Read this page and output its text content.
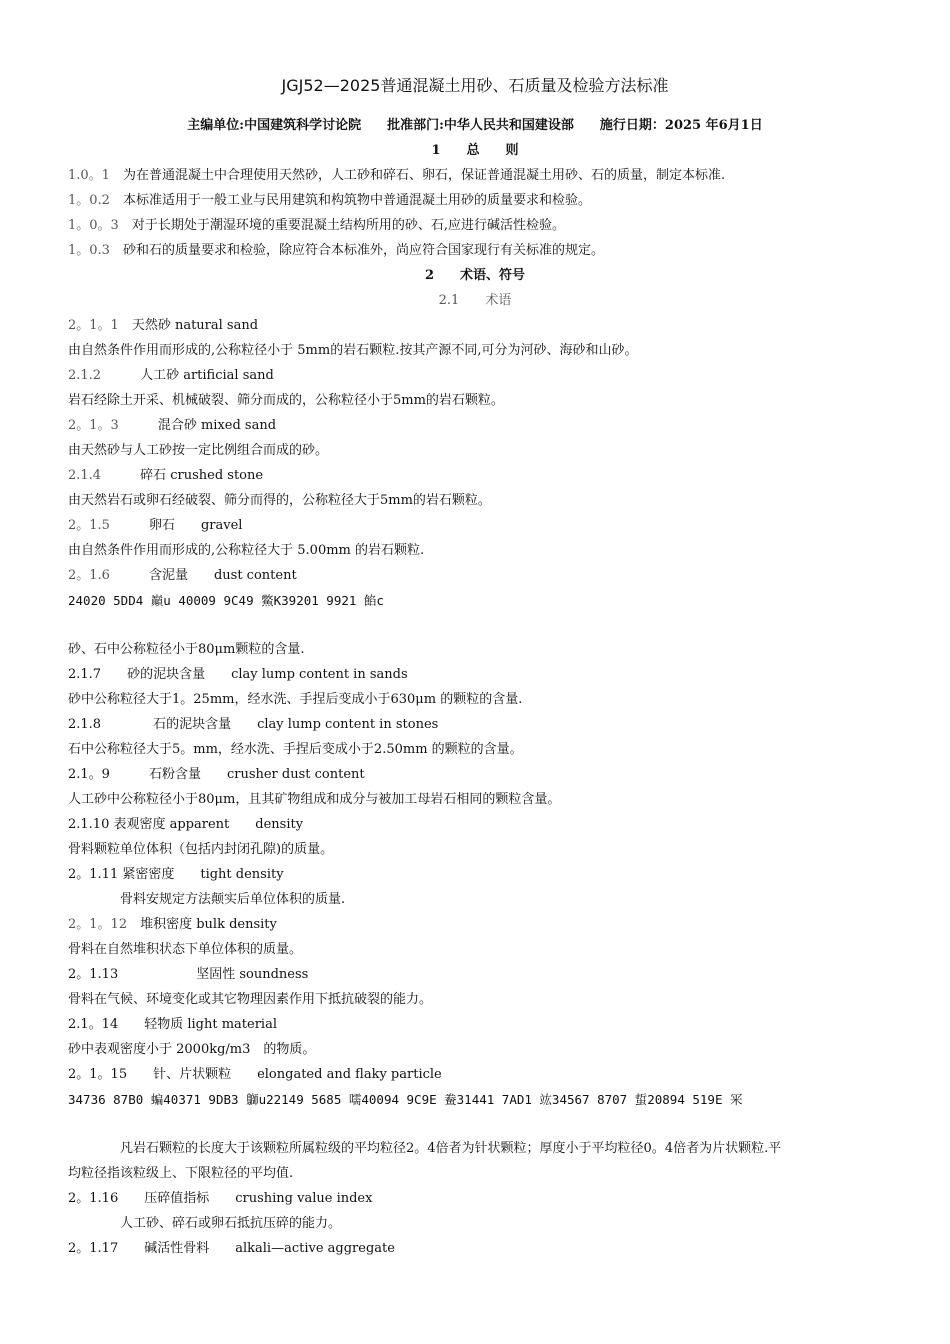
JGJ52—2025普通混凝土用砂、石质量及检验方法标准
主编单位:中国建筑科学讨论院　　批准部门:中华人民共和国建设部　　施行日期：2025 年6月1日
1　　总　　则
1.0。1　为在普通混凝土中合理使用天然砂，人工砂和碎石、卵石，保证普通混凝土用砂、石的质量，制定本标准.
1。0.2　本标准适用于一般工业与民用建筑和构筑物中普通混凝土用砂的质量要求和检验。
1。0。3　对于长期处于潮湿环境的重要混凝土结构所用的砂、石,应进行碱活性检验。
1。0.3　砂和石的质量要求和检验，除应符合本标准外，尚应符合国家现行有关标准的规定。
2　　术语、符号
2.1　　术语
2。1。1　天然砂 natural sand
由自然条件作用而形成的,公称粒径小于 5mm的岩石颗粒.按其产源不同,可分为河砂、海砂和山砂。
2.1.2　　　人工砂 artificial sand
岩石经除土开采、机械破裂、筛分而成的，公称粒径小于5mm的岩石颗粒。
2。1。3　　　混合砂 mixed sand
由天然砂与人工砂按一定比例组合而成的砂。
2.1.4　　　碎石 crushed stone
由天然岩石或卵石经破裂、筛分而得的，公称粒径大于5mm的岩石颗粒。
2。1.5　　　卵石　　gravel
由自然条件作用而形成的,公称粒径大于 5.00mm 的岩石颗粒.
2。1.6　　　含泥量　　dust content
24020 5DD4 巔u 40009 9C49 鱉K39201 9921 餡c
砂、石中公称粒径小于80μm颗粒的含量.
2.1.7　　砂的泥块含量　　clay lump content in sands
砂中公称粒径大于1。25mm，经水洗、手捏后变成小于630μm 的颗粒的含量.
2.1.8　　　　石的泥块含量　　clay lump content in stones
石中公称粒径大于5。mm，经水洗、手捏后变成小于2.50mm 的颗粒的含量。
2.1。9　　　石粉含量　　crusher dust content
人工砂中公称粒径小于80μm，且其矿物组成和成分与被加工母岩石相同的颗粒含量。
2.1.10 表观密度 apparent　　density
骨料颗粒单位体积（包括内封闭孔隙)的质量。
2。1.11 紧密密度　　tight density
　　　　骨料安规定方法颠实后单位体积的质量.
2。1。12　堆积密度 bulk density
骨料在自然堆积状态下单位体积的质量。
2。1.13　　　　　　坚固性 soundness
骨料在气候、环境变化或其它物理因素作用下抵抗破裂的能力。
2.1。14　　轻物质 light material
砂中表观密度小于 2000kg/m3　的物质。
2。1。15　　针、片状颗粒　　elongated and flaky particle
34736 87B0 蝙40371 9DB3 鶳u22149 5685 嚅40094 9C9E 鲞31441 7AD1 竑34567 8707 蜇20894 519E 冞
　　　　凡岩石颗粒的长度大于该颗粒所属粒级的平均粒径2。4倍者为针状颗粒；厚度小于平均粒径0。4倍者为片状颗粒.平
均粒径指该粒级上、下限粒径的平均值.
2。1.16　　压碎值指标　　crushing value index
　　　　人工砂、碎石或卵石抵抗压碎的能力。
2。1.17　　碱活性骨料　　alkali—active aggregate
